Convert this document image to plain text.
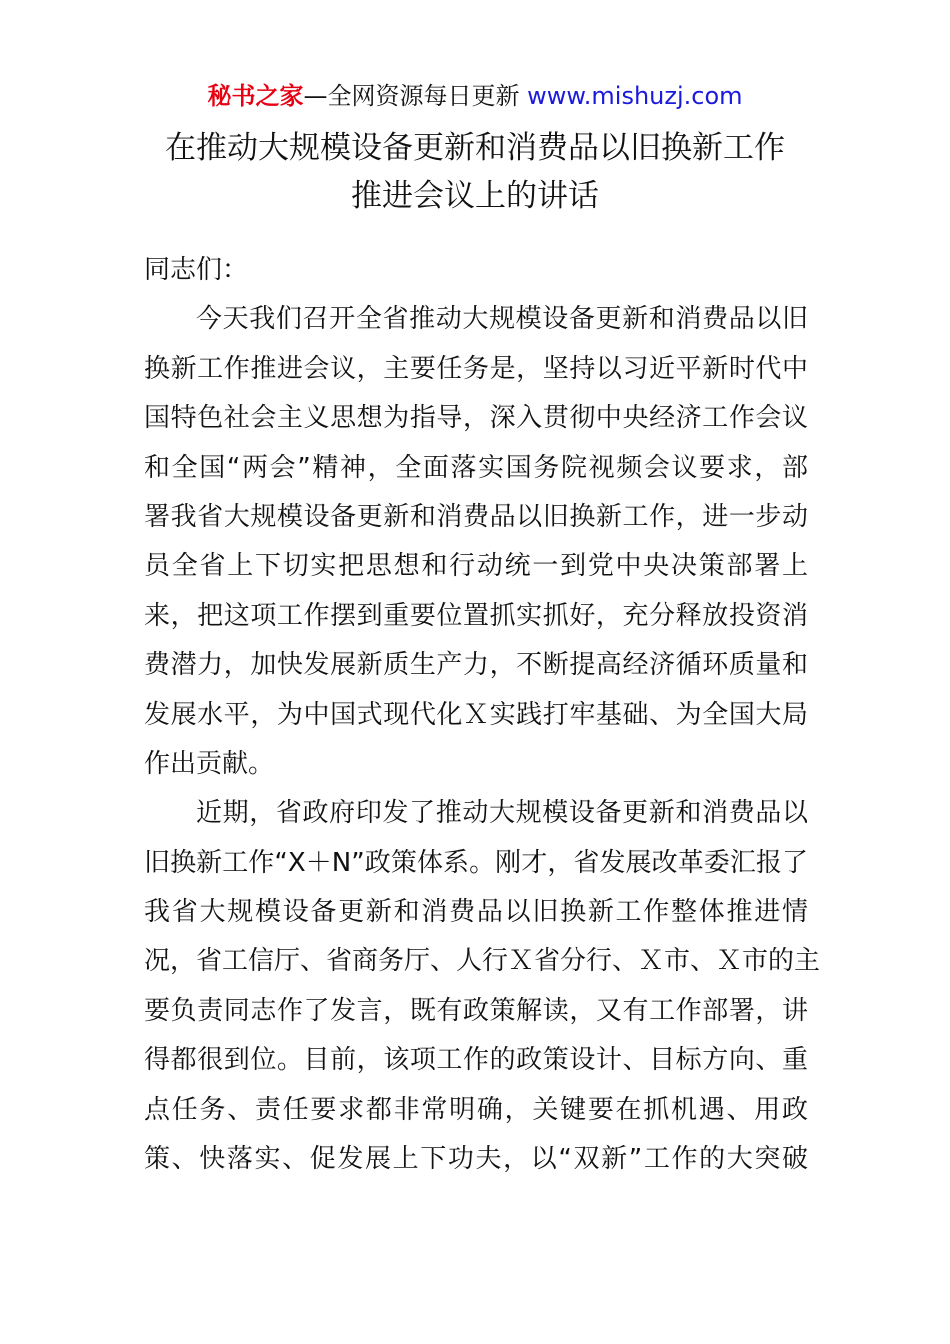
秘书之家—全网资源每日更新 www.mishuzj.com
在推动大规模设备更新和消费品以旧换新工作
推进会议上的讲话
同志们：
今天我们召开全省推动大规模设备更新和消费品以旧
换新工作推进会议，主要任务是，坚持以习近平新时代中
国特色社会主义思想为指导，深入贯彻中央经济工作会议
和全国“两会”精神，全面落实国务院视频会议要求，部
署我省大规模设备更新和消费品以旧换新工作，进一步动
员全省上下切实把思想和行动统一到党中央决策部署上
来，把这项工作摆到重要位置抓实抓好，充分释放投资消
费潜力，加快发展新质生产力，不断提高经济循环质量和
发展水平，为中国式现代化Ｘ实践打牢基础、为全国大局
作出贡献。
近期，省政府印发了推动大规模设备更新和消费品以
旧换新工作“X＋N”政策体系。刚才，省发展改革委汇报了
我省大规模设备更新和消费品以旧换新工作整体推进情
况，省工信厅、省商务厅、人行Ｘ省分行、Ｘ市、Ｘ市的主
要负责同志作了发言，既有政策解读，又有工作部署，讲
得都很到位。目前，该项工作的政策设计、目标方向、重
点任务、责任要求都非常明确，关键要在抓机遇、用政
策、快落实、促发展上下功夫，以“双新”工作的大突破
